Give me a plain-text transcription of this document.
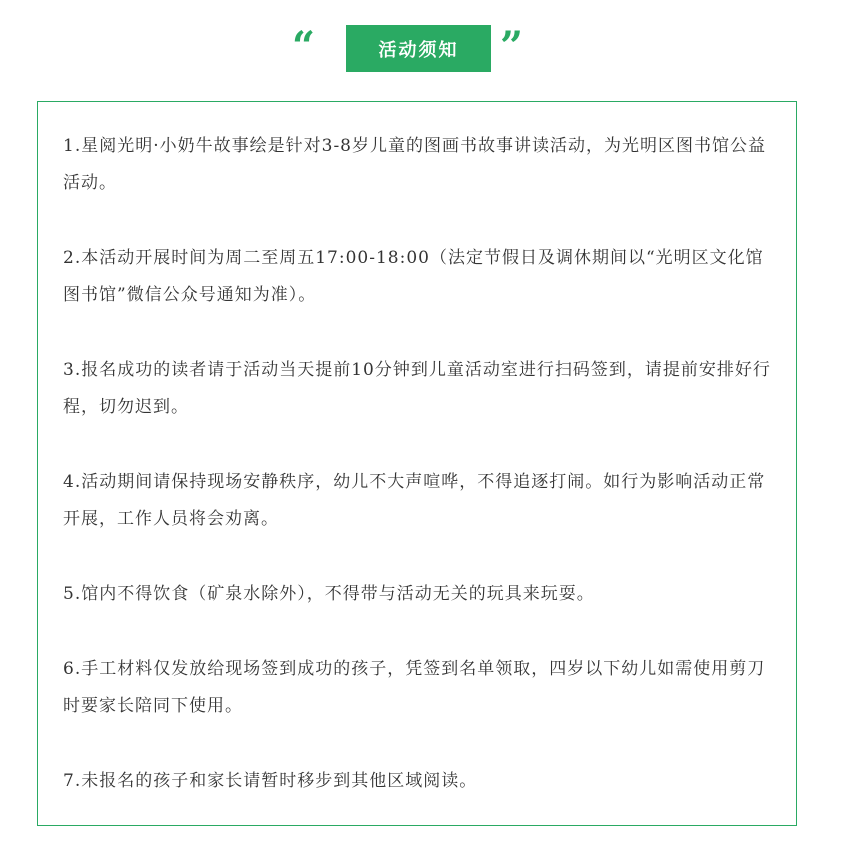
“	活动须知	”
1.星阅光明·小奶牛故事绘是针对3-8岁儿童的图画书故事讲读活动，为光明区图书馆公益活动。
2.本活动开展时间为周二至周五17:00-18:00（法定节假日及调休期间以“光明区文化馆图书馆”微信公众号通知为准）。
3.报名成功的读者请于活动当天提前10分钟到儿童活动室进行扫码签到，请提前安排好行程，切勿迟到。
4.活动期间请保持现场安静秩序，幼儿不大声喧哗，不得追逐打闹。如行为影响活动正常开展，工作人员将会劝离。
5.馆内不得饮食（矿泉水除外），不得带与活动无关的玩具来玩耍。
6.手工材料仅发放给现场签到成功的孩子，凭签到名单领取，四岁以下幼儿如需使用剪刀时要家长陪同下使用。
7.未报名的孩子和家长请暂时移步到其他区域阅读。
